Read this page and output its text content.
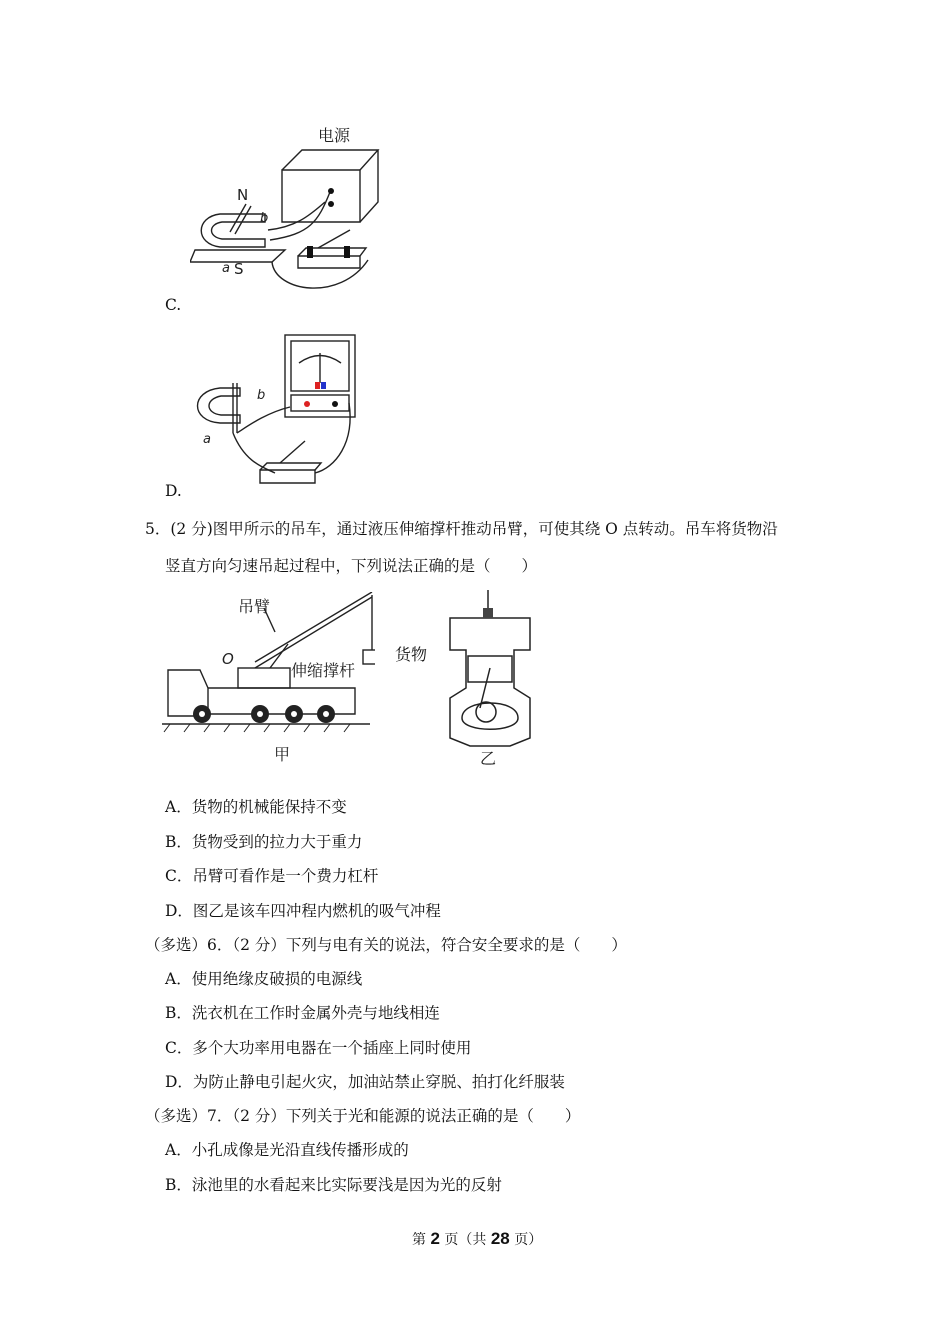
电源
N
S
a
b
C.
a
b
D.
5．(2 分)图甲所示的吊车，通过液压伸缩撑杆推动吊臂，可使其绕 O 点转动。吊车将货物沿
竖直方向匀速吊起过程中，下列说法正确的是（　　）
吊臂
O
伸缩撑杆
甲
货物
乙
A．货物的机械能保持不变
B．货物受到的拉力大于重力
C．吊臂可看作是一个费力杠杆
D．图乙是该车四冲程内燃机的吸气冲程
（多选）6．（2 分）下列与电有关的说法，符合安全要求的是（　　）
A．使用绝缘皮破损的电源线
B．洗衣机在工作时金属外壳与地线相连
C．多个大功率用电器在一个插座上同时使用
D．为防止静电引起火灾，加油站禁止穿脱、拍打化纤服装
（多选）7．（2 分）下列关于光和能源的说法正确的是（　　）
A．小孔成像是光沿直线传播形成的
B．泳池里的水看起来比实际要浅是因为光的反射
第 2 页（共 28 页）
